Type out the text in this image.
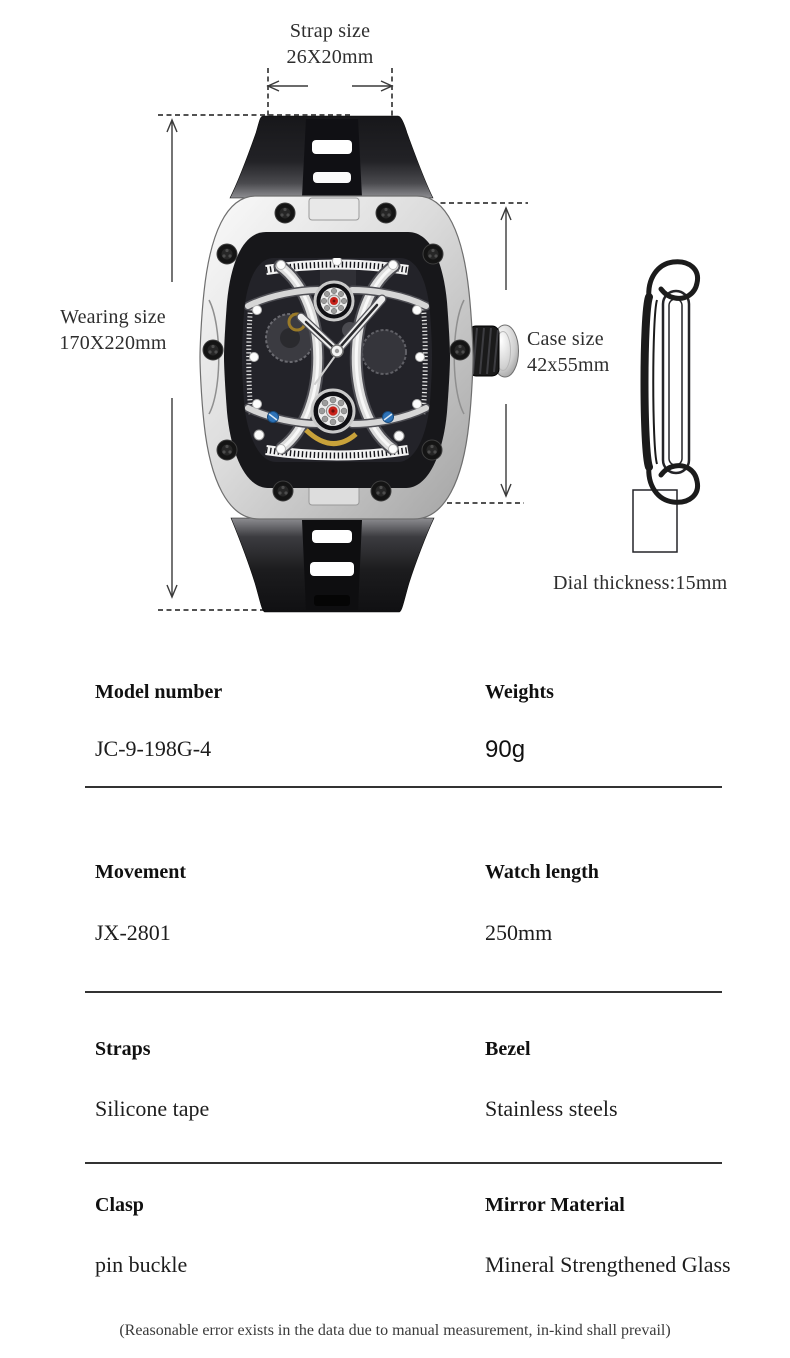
Strap size
26X20mm
Wearing size
170X220mm	Case size
42x55mm
Dial thickness:15mm
Model number	Weights
JC-9-198G-4	90g
Movement	Watch length
JX-2801	250mm
Straps	Bezel
Silicone tape	Stainless steels
Clasp	Mirror Material
pin buckle	Mineral Strengthened Glass
(Reasonable error exists in the data due to manual measurement, in-kind shall prevail)
